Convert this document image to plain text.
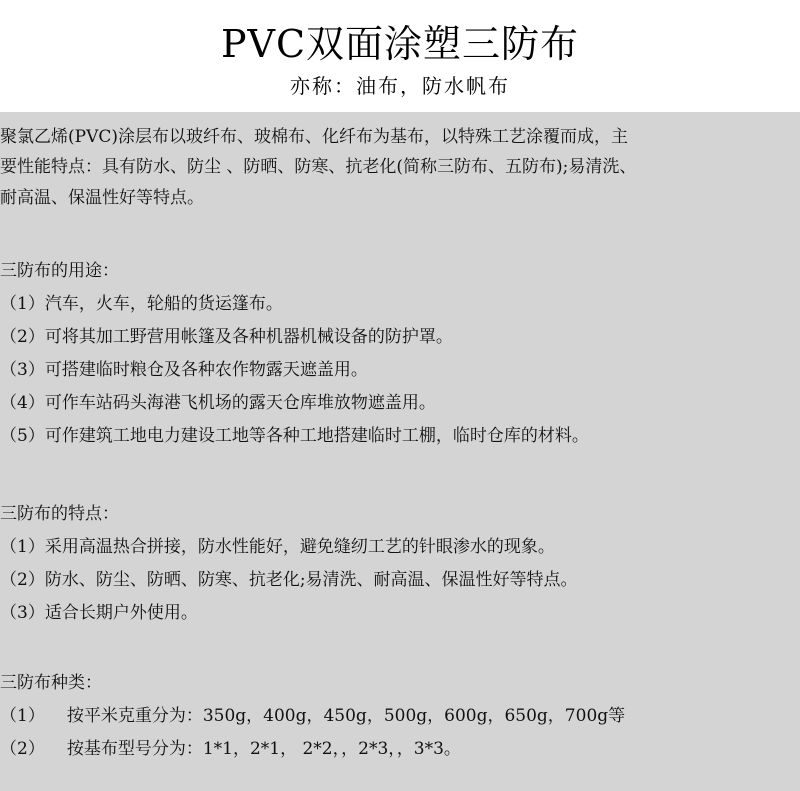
PVC双面涂塑三防布
亦称：油布，防水帆布
聚氯乙烯(PVC)涂层布以玻纤布、玻棉布、化纤布为基布，以特殊工艺涂覆而成，主
要性能特点：具有防水、防尘 、防晒、防寒、抗老化(简称三防布、五防布);易清洗、
耐高温、保温性好等特点。
三防布的用途：
（1）汽车，火车，轮船的货运篷布。
（2）可将其加工野营用帐篷及各种机器机械设备的防护罩。
（3）可搭建临时粮仓及各种农作物露天遮盖用。
（4）可作车站码头海港飞机场的露天仓库堆放物遮盖用。
（5）可作建筑工地电力建设工地等各种工地搭建临时工棚，临时仓库的材料。
三防布的特点：
（1）采用高温热合拼接，防水性能好，避免缝纫工艺的针眼渗水的现象。
（2）防水、防尘、防晒、防寒、抗老化;易清洗、耐高温、保温性好等特点。
（3）适合长期户外使用。
三防布种类：
（1） 按平米克重分为：350g，400g，450g，500g，600g，650g，700g等
（2） 按基布型号分为：1*1，2*1， 2*2，，2*3，，3*3。
